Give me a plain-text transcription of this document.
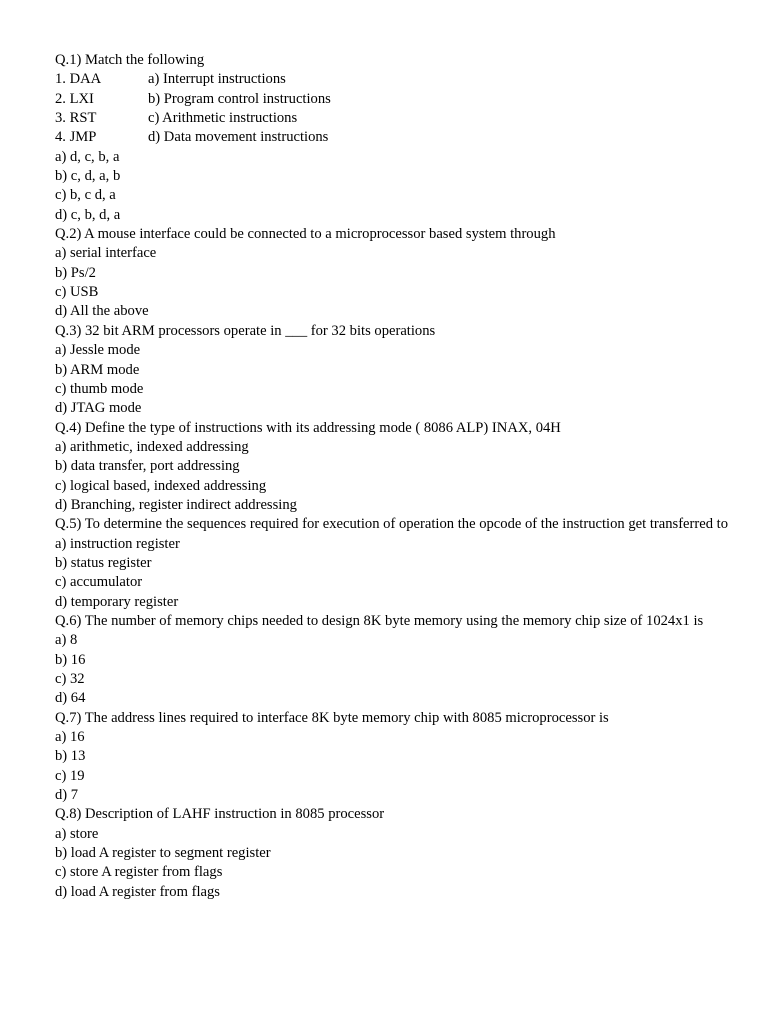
Q.1) Match the following
1. DAA	a) Interrupt instructions
2. LXI	b) Program control instructions
3. RST	c) Arithmetic instructions
4. JMP	d) Data movement instructions
a) d, c, b, a
b) c, d, a, b
c) b, c d, a
d) c, b, d, a
Q.2) A mouse interface could be connected to a microprocessor based system through
a) serial interface
b) Ps/2
c) USB
d) All the above
Q.3) 32 bit ARM processors operate in ___ for 32 bits operations
a) Jessle mode
b) ARM mode
c) thumb mode
d) JTAG mode
Q.4) Define the type of instructions with its addressing mode ( 8086 ALP) INAX, 04H
a) arithmetic, indexed addressing
b) data transfer, port addressing
c) logical based, indexed addressing
d) Branching, register indirect addressing
Q.5) To determine the sequences required for execution of operation the opcode of the instruction get transferred to
a) instruction register
b) status register
c) accumulator
d) temporary register
Q.6) The number of memory chips needed to design 8K byte memory using the memory chip size of 1024x1 is
a) 8
b) 16
c) 32
d) 64
Q.7) The address lines required to interface 8K byte memory chip with 8085 microprocessor is
a) 16
b) 13
c) 19
d) 7
Q.8) Description of LAHF instruction in 8085 processor
a) store
b) load A register to segment register
c) store A register from flags
d) load A register from flags
